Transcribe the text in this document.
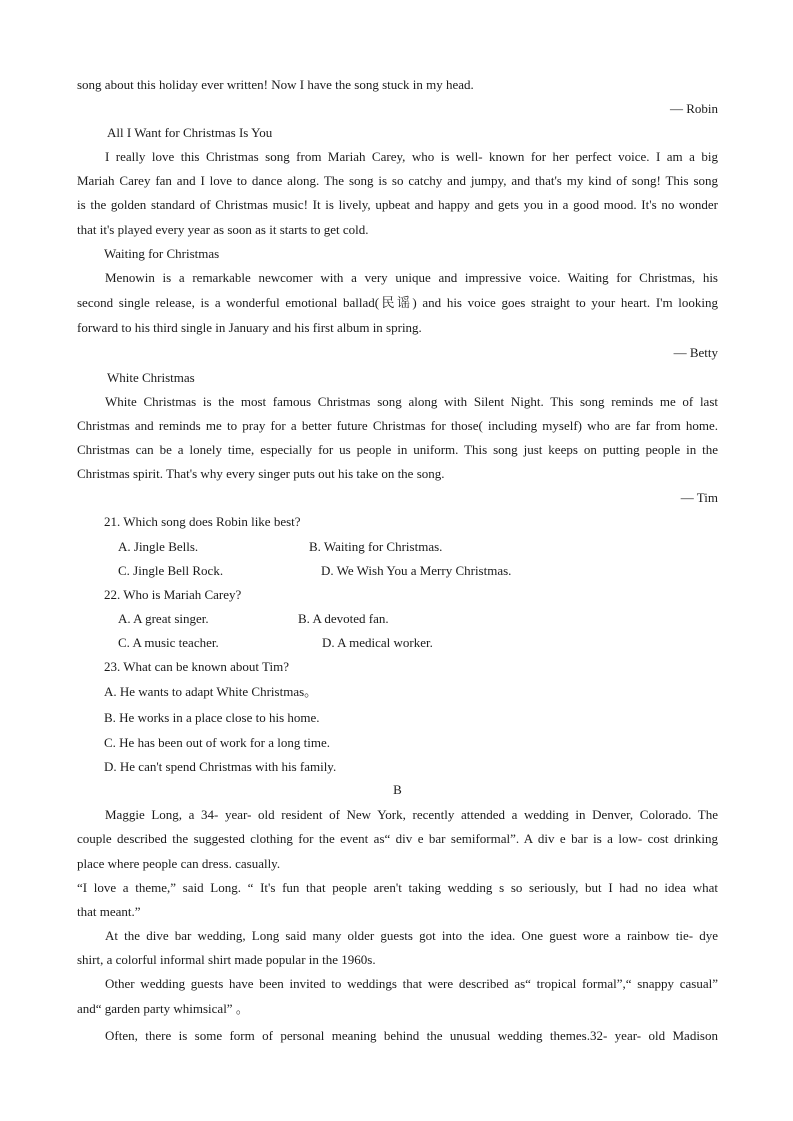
song about this holiday ever written! Now I have the song stuck in my head.
— Robin
All I Want for Christmas Is You
I really love this Christmas song from Mariah Carey, who is well- known for her perfect voice. I am a big
Mariah Carey fan and I love to dance along. The song is so catchy and jumpy, and that's my kind of song! This song
is the golden standard of Christmas music! It is lively, upbeat and happy and gets you in a good mood. It's no wonder
that it's played every year as soon as it starts to get cold.
Waiting for Christmas
Menowin is a remarkable newcomer with a very unique and impressive voice. Waiting for Christmas, his
second single release, is a wonderful emotional ballad(民谣) and his voice goes straight to your heart. I'm looking
forward to his third single in January and his first album in spring.
— Betty
White Christmas
White Christmas is the most famous Christmas song along with Silent Night. This song reminds me of last
Christmas and reminds me to pray for a better future Christmas for those( including myself) who are far from home.
Christmas can be a lonely time, especially for us people in uniform. This song just keeps on putting people in the
Christmas spirit. That's why every singer puts out his take on the song.
— Tim
21. Which song does Robin like best?
A. Jingle Bells.	B. Waiting for Christmas.
C. Jingle Bell Rock.	D. We Wish You a Merry Christmas.
22. Who is Mariah Carey?
A. A great singer.	B. A devoted fan.
C. A music teacher.	D. A medical worker.
23. What can be known about Tim?
A. He wants to adapt White Christmas。
B. He works in a place close to his home.
C. He has been out of work for a long time.
D. He can't spend Christmas with his family.
B
Maggie Long, a 34- year- old resident of New York, recently attended a wedding in Denver, Colorado. The
couple described the suggested clothing for the event as“ div e bar semiformal”. A div e bar is a low- cost drinking
place where people can dress. casually.
“I love a theme,” said Long. “ It's fun that people aren't taking wedding s so seriously, but I had no idea what
that meant.”
At the dive bar wedding, Long said many older guests got into the idea. One guest wore a rainbow tie- dye
shirt, a colorful informal shirt made popular in the 1960s.
Other wedding guests have been invited to weddings that were described as“ tropical formal”,“ snappy casual”
and“ garden party whimsical” 。
Often, there is some form of personal meaning behind the unusual wedding themes.32- year- old Madison
